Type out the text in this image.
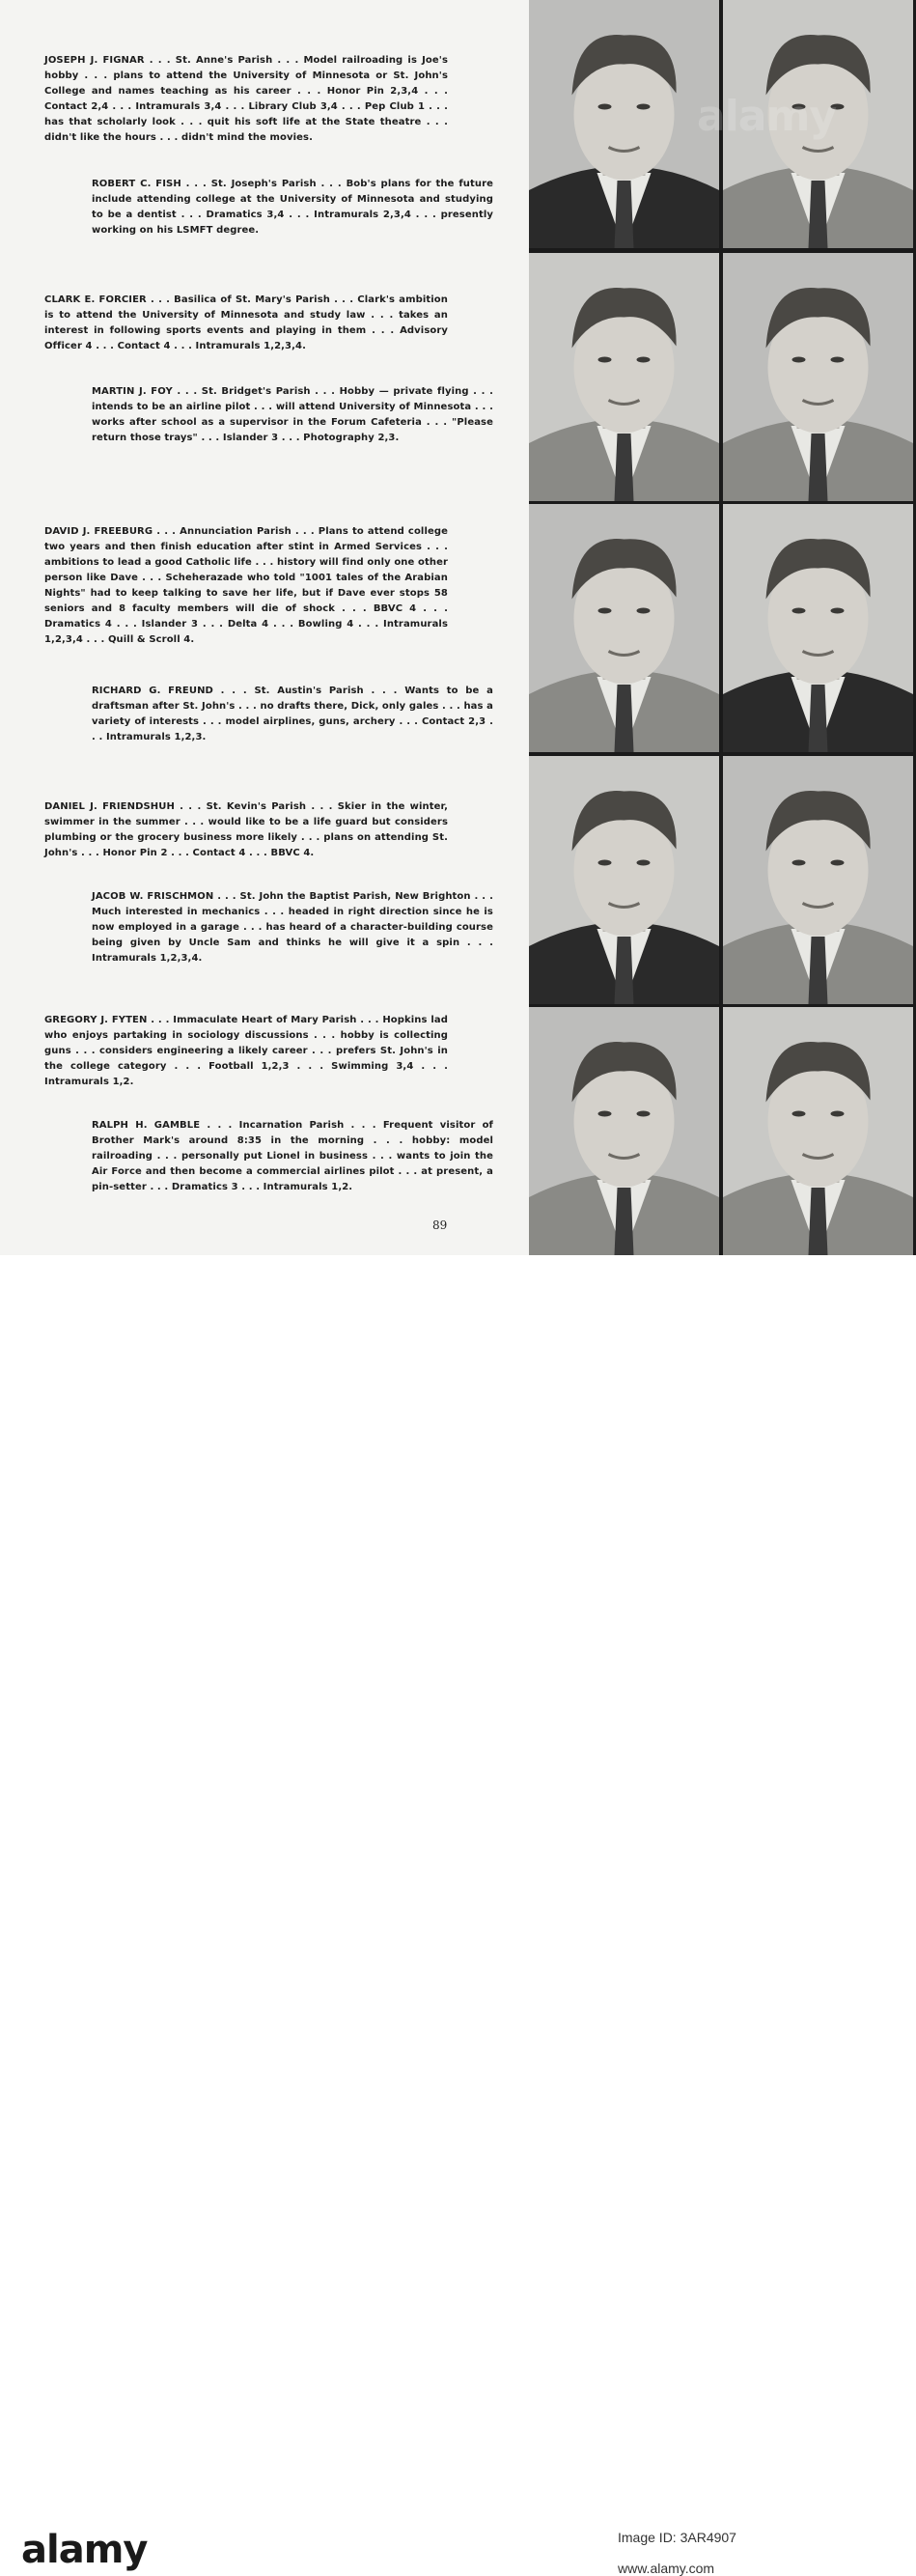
JOSEPH J. FIGNAR . . . St. Anne's Parish . . . Model railroading is Joe's hobby . . . plans to attend the University of Minnesota or St. John's College and names teaching as his career . . . Honor Pin 2,3,4 . . . Contact 2,4 . . . Intramurals 3,4 . . . Library Club 3,4 . . . Pep Club 1 . . . has that scholarly look . . . quit his soft life at the State theatre . . . didn't like the hours . . . didn't mind the movies.
ROBERT C. FISH . . . St. Joseph's Parish . . . Bob's plans for the future include attending college at the University of Minnesota and studying to be a dentist . . . Dramatics 3,4 . . . Intramurals 2,3,4 . . . presently working on his LSMFT degree.
CLARK E. FORCIER . . . Basilica of St. Mary's Parish . . . Clark's ambition is to attend the University of Minnesota and study law . . . takes an interest in following sports events and playing in them . . . Advisory Officer 4 . . . Contact 4 . . . Intramurals 1,2,3,4.
MARTIN J. FOY . . . St. Bridget's Parish . . . Hobby — private flying . . . intends to be an airline pilot . . . will attend University of Minnesota . . . works after school as a supervisor in the Forum Cafeteria . . . "Please return those trays" . . . Islander 3 . . . Photography 2,3.
DAVID J. FREEBURG . . . Annunciation Parish . . . Plans to attend college two years and then finish education after stint in Armed Services . . . ambitions to lead a good Catholic life . . . history will find only one other person like Dave . . . Scheherazade who told "1001 tales of the Arabian Nights" had to keep talking to save her life, but if Dave ever stops 58 seniors and 8 faculty members will die of shock . . . BBVC 4 . . . Dramatics 4 . . . Islander 3 . . . Delta 4 . . . Bowling 4 . . . Intramurals 1,2,3,4 . . . Quill & Scroll 4.
RICHARD G. FREUND . . . St. Austin's Parish . . . Wants to be a draftsman after St. John's . . . no drafts there, Dick, only gales . . . has a variety of interests . . . model airplines, guns, archery . . . Contact 2,3 . . . Intramurals 1,2,3.
DANIEL J. FRIENDSHUH . . . St. Kevin's Parish . . . Skier in the winter, swimmer in the summer . . . would like to be a life guard but considers plumbing or the grocery business more likely . . . plans on attending St. John's . . . Honor Pin 2 . . . Contact 4 . . . BBVC 4.
JACOB W. FRISCHMON . . . St. John the Baptist Parish, New Brighton . . . Much interested in mechanics . . . headed in right direction since he is now employed in a garage . . . has heard of a character-building course being given by Uncle Sam and thinks he will give it a spin . . . Intramurals 1,2,3,4.
GREGORY J. FYTEN . . . Immaculate Heart of Mary Parish . . . Hopkins lad who enjoys partaking in sociology discussions . . . hobby is collecting guns . . . considers engineering a likely career . . . prefers St. John's in the college category . . . Football 1,2,3 . . . Swimming 3,4 . . . Intramurals 1,2.
RALPH H. GAMBLE . . . Incarnation Parish . . . Frequent visitor of Brother Mark's around 8:35 in the morning . . . hobby: model railroading . . . personally put Lionel in business . . . wants to join the Air Force and then become a commercial airlines pilot . . . at present, a pin-setter . . . Dramatics 3 . . . Intramurals 1,2.
89
alamy
alamy	Image ID: 3AR4907
www.alamy.com
